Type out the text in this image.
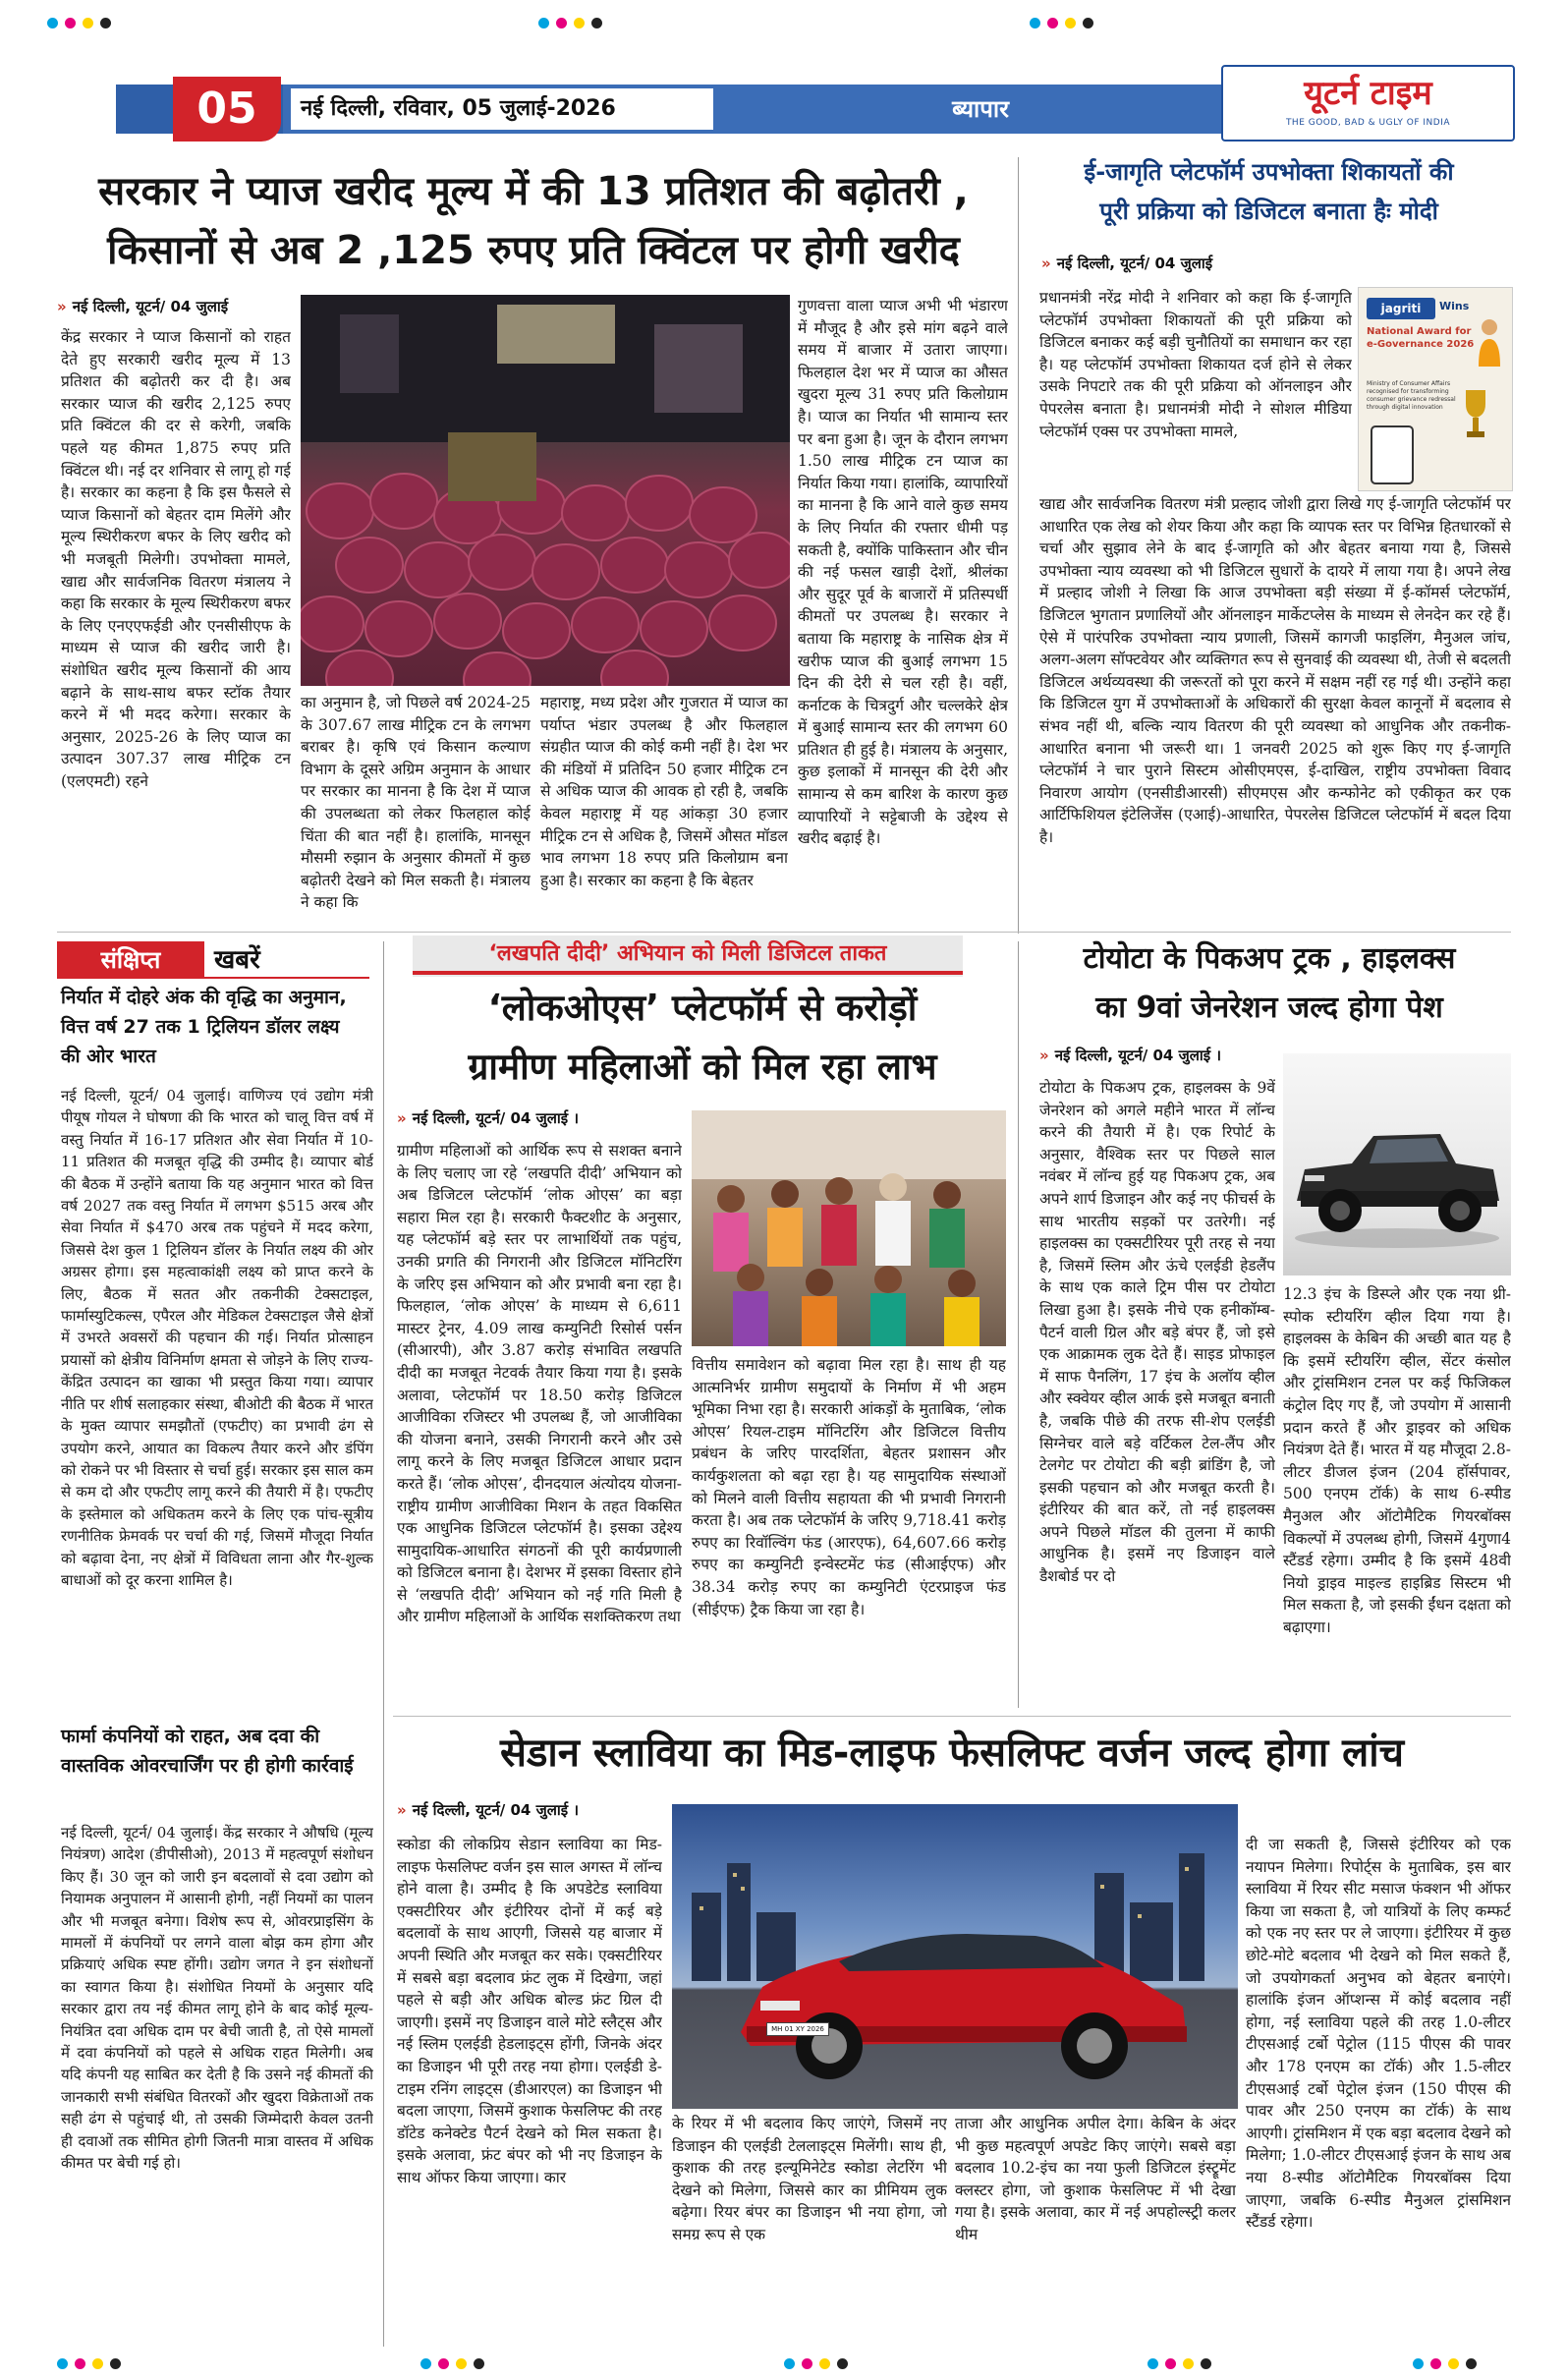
05	नई दिल्ली, रविवार, 05 जुलाई-2026	ब्यापार	यूटर्न टाइम
THE GOOD, BAD & UGLY OF INDIA
सरकार ने प्याज खरीद मूल्य में की 13 प्रतिशत की बढ़ोतरी ,
किसानों से अब 2 ,125 रुपए प्रति क्विंटल पर होगी खरीद
» नई दिल्ली, यूटर्न/ 04 जुलाई
केंद्र सरकार ने प्याज किसानों को राहत देते हुए सरकारी खरीद मूल्य में 13 प्रतिशत की बढ़ोतरी कर दी है। अब सरकार प्याज की खरीद 2,125 रुपए प्रति क्विंटल की दर से करेगी, जबकि पहले यह कीमत 1,875 रुपए प्रति क्विंटल थी। नई दर शनिवार से लागू हो गई है। सरकार का कहना है कि इस फैसले से प्याज किसानों को बेहतर दाम मिलेंगे और मूल्य स्थिरीकरण बफर के लिए खरीद को भी मजबूती मिलेगी। उपभोक्ता मामले, खाद्य और सार्वजनिक वितरण मंत्रालय ने कहा कि सरकार के मूल्य स्थिरीकरण बफर के लिए एनएएफईडी और एनसीसीएफ के माध्यम से प्याज की खरीद जारी है। संशोधित खरीद मूल्य किसानों की आय बढ़ाने के साथ-साथ बफर स्टॉक तैयार करने में भी मदद करेगा। सरकार के अनुसार, 2025-26 के लिए प्याज का उत्पादन 307.37 लाख मीट्रिक टन (एलएमटी) रहने
का अनुमान है, जो पिछले वर्ष 2024-25 के 307.67 लाख मीट्रिक टन के लगभग बराबर है। कृषि एवं किसान कल्याण विभाग के दूसरे अग्रिम अनुमान के आधार पर सरकार का मानना है कि देश में प्याज की उपलब्धता को लेकर फिलहाल कोई चिंता की बात नहीं है। हालांकि, मानसून मौसमी रुझान के अनुसार कीमतों में कुछ बढ़ोतरी देखने को मिल सकती है। मंत्रालय ने कहा कि
महाराष्ट्र, मध्य प्रदेश और गुजरात में प्याज का पर्याप्त भंडार उपलब्ध है और फिलहाल संग्रहीत प्याज की कोई कमी नहीं है। देश भर की मंडियों में प्रतिदिन 50 हजार मीट्रिक टन से अधिक प्याज की आवक हो रही है, जबकि केवल महाराष्ट्र में यह आंकड़ा 30 हजार मीट्रिक टन से अधिक है, जिसमें औसत मॉडल भाव लगभग 18 रुपए प्रति किलोग्राम बना हुआ है। सरकार का कहना है कि बेहतर
गुणवत्ता वाला प्याज अभी भी भंडारण में मौजूद है और इसे मांग बढ़ने वाले समय में बाजार में उतारा जाएगा। फिलहाल देश भर में प्याज का औसत खुदरा मूल्य 31 रुपए प्रति किलोग्राम है। प्याज का निर्यात भी सामान्य स्तर पर बना हुआ है। जून के दौरान लगभग 1.50 लाख मीट्रिक टन प्याज का निर्यात किया गया। हालांकि, व्यापारियों का मानना है कि आने वाले कुछ समय के लिए निर्यात की रफ्तार धीमी पड़ सकती है, क्योंकि पाकिस्तान और चीन की नई फसल खाड़ी देशों, श्रीलंका और सुदूर पूर्व के बाजारों में प्रतिस्पर्धी कीमतों पर उपलब्ध है। सरकार ने बताया कि महाराष्ट्र के नासिक क्षेत्र में खरीफ प्याज की बुआई लगभग 15 दिन की देरी से चल रही है। वहीं, कर्नाटक के चित्रदुर्ग और चल्लकेरे क्षेत्र में बुआई सामान्य स्तर की लगभग 60 प्रतिशत ही हुई है। मंत्रालय के अनुसार, कुछ इलाकों में मानसून की देरी और सामान्य से कम बारिश के कारण कुछ व्यापारियों ने सट्टेबाजी के उद्देश्य से खरीद बढ़ाई है।
ई-जागृति प्लेटफॉर्म उपभोक्ता शिकायतों की
पूरी प्रक्रिया को डिजिटल बनाता हैः मोदी
» नई दिल्ली, यूटर्न/ 04 जुलाई
प्रधानमंत्री नरेंद्र मोदी ने शनिवार को कहा कि ई-जागृति प्लेटफॉर्म उपभोक्ता शिकायतों की पूरी प्रक्रिया को डिजिटल बनाकर कई बड़ी चुनौतियों का समाधान कर रहा है। यह प्लेटफॉर्म उपभोक्ता शिकायत दर्ज होने से लेकर उसके निपटारे तक की पूरी प्रक्रिया को ऑनलाइन और पेपरलेस बनाता है। प्रधानमंत्री मोदी ने सोशल मीडिया प्लेटफॉर्म एक्स पर उपभोक्ता मामले,
jagriti	Wins
National Award for e-Governance 2026
Ministry of Consumer Affairs recognised for transforming consumer grievance redressal through digital innovation
खाद्य और सार्वजनिक वितरण मंत्री प्रल्हाद जोशी द्वारा लिखे गए ई-जागृति प्लेटफॉर्म पर आधारित एक लेख को शेयर किया और कहा कि व्यापक स्तर पर विभिन्न हितधारकों से चर्चा और सुझाव लेने के बाद ई-जागृति को और बेहतर बनाया गया है, जिससे उपभोक्ता न्याय व्यवस्था को भी डिजिटल सुधारों के दायरे में लाया गया है। अपने लेख में प्रल्हाद जोशी ने लिखा कि आज उपभोक्ता बड़ी संख्या में ई-कॉमर्स प्लेटफॉर्म, डिजिटल भुगतान प्रणालियों और ऑनलाइन मार्केटप्लेस के माध्यम से लेनदेन कर रहे हैं। ऐसे में पारंपरिक उपभोक्ता न्याय प्रणाली, जिसमें कागजी फाइलिंग, मैनुअल जांच, अलग-अलग सॉफ्टवेयर और व्यक्तिगत रूप से सुनवाई की व्यवस्था थी, तेजी से बदलती डिजिटल अर्थव्यवस्था की जरूरतों को पूरा करने में सक्षम नहीं रह गई थी। उन्होंने कहा कि डिजिटल युग में उपभोक्ताओं के अधिकारों की सुरक्षा केवल कानूनों में बदलाव से संभव नहीं थी, बल्कि न्याय वितरण की पूरी व्यवस्था को आधुनिक और तकनीक-आधारित बनाना भी जरूरी था। 1 जनवरी 2025 को शुरू किए गए ई-जागृति प्लेटफॉर्म ने चार पुराने सिस्टम ओसीएमएस, ई-दाखिल, राष्ट्रीय उपभोक्ता विवाद निवारण आयोग (एनसीडीआरसी) सीएमएस और कन्फोनेट को एकीकृत कर एक आर्टिफिशियल इंटेलिजेंस (एआई)-आधारित, पेपरलेस डिजिटल प्लेटफॉर्म में बदल दिया है।
संक्षिप्त	खबरें
निर्यात में दोहरे अंक की वृद्धि का अनुमान, वित्त वर्ष 27 तक 1 ट्रिलियन डॉलर लक्ष्य की ओर भारत
नई दिल्ली, यूटर्न/ 04 जुलाई। वाणिज्य एवं उद्योग मंत्री पीयूष गोयल ने घोषणा की कि भारत को चालू वित्त वर्ष में वस्तु निर्यात में 16-17 प्रतिशत और सेवा निर्यात में 10-11 प्रतिशत की मजबूत वृद्धि की उम्मीद है। व्यापार बोर्ड की बैठक में उन्होंने बताया कि यह अनुमान भारत को वित्त वर्ष 2027 तक वस्तु निर्यात में लगभग $515 अरब और सेवा निर्यात में $470 अरब तक पहुंचने में मदद करेगा, जिससे देश कुल 1 ट्रिलियन डॉलर के निर्यात लक्ष्य की ओर अग्रसर होगा। इस महत्वाकांक्षी लक्ष्य को प्राप्त करने के लिए, बैठक में सतत और तकनीकी टेक्सटाइल, फार्मास्युटिकल्स, एपैरल और मेडिकल टेक्सटाइल जैसे क्षेत्रों में उभरते अवसरों की पहचान की गई। निर्यात प्रोत्साहन प्रयासों को क्षेत्रीय विनिर्माण क्षमता से जोड़ने के लिए राज्य-केंद्रित उत्पादन का खाका भी प्रस्तुत किया गया। व्यापार नीति पर शीर्ष सलाहकार संस्था, बीओटी की बैठक में भारत के मुक्त व्यापार समझौतों (एफटीए) का प्रभावी ढंग से उपयोग करने, आयात का विकल्प तैयार करने और डंपिंग को रोकने पर भी विस्तार से चर्चा हुई। सरकार इस साल कम से कम दो और एफटीए लागू करने की तैयारी में है। एफटीए के इस्तेमाल को अधिकतम करने के लिए एक पांच-सूत्रीय रणनीतिक फ्रेमवर्क पर चर्चा की गई, जिसमें मौजूदा निर्यात को बढ़ावा देना, नए क्षेत्रों में विविधता लाना और गैर-शुल्क बाधाओं को दूर करना शामिल है।
फार्मा कंपनियों को राहत, अब दवा की वास्तविक ओवरचार्जिंग पर ही होगी कार्रवाई
नई दिल्ली, यूटर्न/ 04 जुलाई। केंद्र सरकार ने औषधि (मूल्य नियंत्रण) आदेश (डीपीसीओ), 2013 में महत्वपूर्ण संशोधन किए हैं। 30 जून को जारी इन बदलावों से दवा उद्योग को नियामक अनुपालन में आसानी होगी, नहीं नियमों का पालन और भी मजबूत बनेगा। विशेष रूप से, ओवरप्राइसिंग के मामलों में कंपनियों पर लगने वाला बोझ कम होगा और प्रक्रियाएं अधिक स्पष्ट होंगी। उद्योग जगत ने इन संशोधनों का स्वागत किया है। संशोधित नियमों के अनुसार यदि सरकार द्वारा तय नई कीमत लागू होने के बाद कोई मूल्य-नियंत्रित दवा अधिक दाम पर बेची जाती है, तो ऐसे मामलों में दवा कंपनियों को पहले से अधिक राहत मिलेगी। अब यदि कंपनी यह साबित कर देती है कि उसने नई कीमतों की जानकारी सभी संबंधित वितरकों और खुदरा विक्रेताओं तक सही ढंग से पहुंचाई थी, तो उसकी जिम्मेदारी केवल उतनी ही दवाओं तक सीमित होगी जितनी मात्रा वास्तव में अधिक कीमत पर बेची गई हो।
‘लखपति दीदी’ अभियान को मिली डिजिटल ताकत
‘लोकओएस’ प्लेटफॉर्म से करोड़ों
ग्रामीण महिलाओं को मिल रहा लाभ
» नई दिल्ली, यूटर्न/ 04 जुलाई ।
ग्रामीण महिलाओं को आर्थिक रूप से सशक्त बनाने के लिए चलाए जा रहे ‘लखपति दीदी’ अभियान को अब डिजिटल प्लेटफॉर्म ‘लोक ओएस’ का बड़ा सहारा मिल रहा है। सरकारी फैक्टशीट के अनुसार, यह प्लेटफॉर्म बड़े स्तर पर लाभार्थियों तक पहुंच, उनकी प्रगति की निगरानी और डिजिटल मॉनिटरिंग के जरिए इस अभियान को और प्रभावी बना रहा है। फिलहाल, ‘लोक ओएस’ के माध्यम से 6,611 मास्टर ट्रेनर, 4.09 लाख कम्युनिटी रिसोर्स पर्सन (सीआरपी), और 3.87 करोड़ संभावित लखपति दीदी का मजबूत नेटवर्क तैयार किया गया है। इसके अलावा, प्लेटफॉर्म पर 18.50 करोड़ डिजिटल आजीविका रजिस्टर भी उपलब्ध हैं, जो आजीविका की योजना बनाने, उसकी निगरानी करने और उसे लागू करने के लिए मजबूत डिजिटल आधार प्रदान करते हैं। ‘लोक ओएस’, दीनदयाल अंत्योदय योजना-राष्ट्रीय ग्रामीण आजीविका मिशन के तहत विकसित एक आधुनिक डिजिटल प्लेटफॉर्म है। इसका उद्देश्य सामुदायिक-आधारित संगठनों की पूरी कार्यप्रणाली को डिजिटल बनाना है। देशभर में इसका विस्तार होने से ‘लखपति दीदी’ अभियान को नई गति मिली है और ग्रामीण महिलाओं के आर्थिक सशक्तिकरण तथा
वित्तीय समावेशन को बढ़ावा मिल रहा है। साथ ही यह आत्मनिर्भर ग्रामीण समुदायों के निर्माण में भी अहम भूमिका निभा रहा है। सरकारी आंकड़ों के मुताबिक, ‘लोक ओएस’ रियल-टाइम मॉनिटरिंग और डिजिटल वित्तीय प्रबंधन के जरिए पारदर्शिता, बेहतर प्रशासन और कार्यकुशलता को बढ़ा रहा है। यह सामुदायिक संस्थाओं को मिलने वाली वित्तीय सहायता की भी प्रभावी निगरानी करता है। अब तक प्लेटफॉर्म के जरिए 9,718.41 करोड़ रुपए का रिवॉल्विंग फंड (आरएफ), 64,607.66 करोड़ रुपए का कम्युनिटी इन्वेस्टमेंट फंड (सीआईएफ) और 38.34 करोड़ रुपए का कम्युनिटी एंटरप्राइज फंड (सीईएफ) ट्रैक किया जा रहा है।
टोयोटा के पिकअप ट्रक , हाइलक्स
का 9वां जेनरेशन जल्द होगा पेश
» नई दिल्ली, यूटर्न/ 04 जुलाई ।
टोयोटा के पिकअप ट्रक, हाइलक्स के 9वें जेनरेशन को अगले महीने भारत में लॉन्च करने की तैयारी में है। एक रिपोर्ट के अनुसार, वैश्विक स्तर पर पिछले साल नवंबर में लॉन्च हुई यह पिकअप ट्रक, अब अपने शार्प डिजाइन और कई नए फीचर्स के साथ भारतीय सड़कों पर उतरेगी। नई हाइलक्स का एक्सटीरियर पूरी तरह से नया है, जिसमें स्लिम और ऊंचे एलईडी हेडलैंप के साथ एक काले ट्रिम पीस पर टोयोटा लिखा हुआ है। इसके नीचे एक हनीकॉम्ब-पैटर्न वाली ग्रिल और बड़े बंपर हैं, जो इसे एक आक्रामक लुक देते हैं। साइड प्रोफाइल में साफ पैनलिंग, 17 इंच के अलॉय व्हील और स्क्वेयर व्हील आर्क इसे मजबूत बनाती है, जबकि पीछे की तरफ सी-शेप एलईडी सिग्नेचर वाले बड़े वर्टिकल टेल-लैंप और टेलगेट पर टोयोटा की बड़ी ब्रांडिंग है, जो इसकी पहचान को और मजबूत करती है। इंटीरियर की बात करें, तो नई हाइलक्स अपने पिछले मॉडल की तुलना में काफी आधुनिक है। इसमें नए डिजाइन वाले डैशबोर्ड पर दो
12.3 इंच के डिस्प्ले और एक नया थ्री-स्पोक स्टीयरिंग व्हील दिया गया है। हाइलक्स के केबिन की अच्छी बात यह है कि इसमें स्टीयरिंग व्हील, सेंटर कंसोल और ट्रांसमिशन टनल पर कई फिजिकल कंट्रोल दिए गए हैं, जो उपयोग में आसानी प्रदान करते हैं और ड्राइवर को अधिक नियंत्रण देते हैं। भारत में यह मौजूदा 2.8-लीटर डीजल इंजन (204 हॉर्सपावर, 500 एनएम टॉर्क) के साथ 6-स्पीड मैनुअल और ऑटोमैटिक गियरबॉक्स विकल्पों में उपलब्ध होगी, जिसमें 4गुणा4 स्टैंडर्ड रहेगा। उम्मीद है कि इसमें 48वी नियो ड्राइव माइल्ड हाइब्रिड सिस्टम भी मिल सकता है, जो इसकी ईंधन दक्षता को बढ़ाएगा।
सेडान स्लाविया का मिड-लाइफ फेसलिफ्ट वर्जन जल्द होगा लांच
» नई दिल्ली, यूटर्न/ 04 जुलाई ।
स्कोडा की लोकप्रिय सेडान स्लाविया का मिड-लाइफ फेसलिफ्ट वर्जन इस साल अगस्त में लॉन्च होने वाला है। उम्मीद है कि अपडेटेड स्लाविया एक्सटीरियर और इंटीरियर दोनों में कई बड़े बदलावों के साथ आएगी, जिससे यह बाजार में अपनी स्थिति और मजबूत कर सके। एक्सटीरियर में सबसे बड़ा बदलाव फ्रंट लुक में दिखेगा, जहां पहले से बड़ी और अधिक बोल्ड फ्रंट ग्रिल दी जाएगी। इसमें नए डिजाइन वाले मोटे स्लैट्स और नई स्लिम एलईडी हेडलाइट्स होंगी, जिनके अंदर का डिजाइन भी पूरी तरह नया होगा। एलईडी डे-टाइम रनिंग लाइट्स (डीआरएल) का डिजाइन भी बदला जाएगा, जिसमें कुशाक फेसलिफ्ट की तरह डॉटेड कनेक्टेड पैटर्न देखने को मिल सकता है। इसके अलावा, फ्रंट बंपर को भी नए डिजाइन के साथ ऑफर किया जाएगा। कार
MH 01 XY 2026
के रियर में भी बदलाव किए जाएंगे, जिसमें नए डिजाइन की एलईडी टेललाइट्स मिलेंगी। साथ ही, कुशाक की तरह इल्यूमिनेटेड स्कोडा लेटरिंग भी देखने को मिलेगा, जिससे कार का प्रीमियम लुक बढ़ेगा। रियर बंपर का डिजाइन भी नया होगा, जो समग्र रूप से एक
ताजा और आधुनिक अपील देगा। केबिन के अंदर भी कुछ महत्वपूर्ण अपडेट किए जाएंगे। सबसे बड़ा बदलाव 10.2-इंच का नया फुली डिजिटल इंस्ट्रूमेंट क्लस्टर होगा, जो कुशाक फेसलिफ्ट में भी देखा गया है। इसके अलावा, कार में नई अपहोल्स्ट्री कलर थीम
दी जा सकती है, जिससे इंटीरियर को एक नयापन मिलेगा। रिपोर्ट्स के मुताबिक, इस बार स्लाविया में रियर सीट मसाज फंक्शन भी ऑफर किया जा सकता है, जो यात्रियों के लिए कम्फर्ट को एक नए स्तर पर ले जाएगा। इंटीरियर में कुछ छोटे-मोटे बदलाव भी देखने को मिल सकते हैं, जो उपयोगकर्ता अनुभव को बेहतर बनाएंगे। हालांकि इंजन ऑप्शन्स में कोई बदलाव नहीं होगा, नई स्लाविया पहले की तरह 1.0-लीटर टीएसआई टर्बो पेट्रोल (115 पीएस की पावर और 178 एनएम का टॉर्क) और 1.5-लीटर टीएसआई टर्बो पेट्रोल इंजन (150 पीएस की पावर और 250 एनएम का टॉर्क) के साथ आएगी। ट्रांसमिशन में एक बड़ा बदलाव देखने को मिलेगा; 1.0-लीटर टीएसआई इंजन के साथ अब नया 8-स्पीड ऑटोमैटिक गियरबॉक्स दिया जाएगा, जबकि 6-स्पीड मैनुअल ट्रांसमिशन स्टैंडर्ड रहेगा।
